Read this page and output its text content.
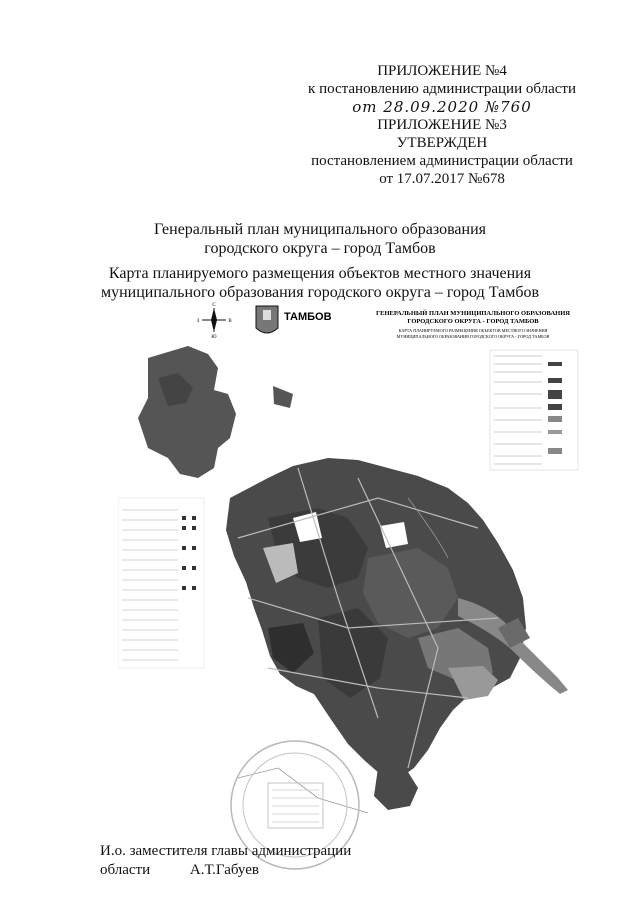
ПРИЛОЖЕНИЕ №4
к постановлению администрации области
от 28.09.2020 №760
ПРИЛОЖЕНИЕ №3
УТВЕРЖДЕН
постановлением администрации области
от 17.07.2017 №678
Генеральный план муниципального образования
городского округа – город Тамбов
Карта планируемого размещения объектов местного значения
муниципального образования городского округа – город Тамбов
С
Ю
З	В	ТАМБОВ	ГЕНЕРАЛЬНЫЙ ПЛАН МУНИЦИПАЛЬНОГО ОБРАЗОВАНИЯ
ГОРОДСКОГО ОКРУГА - ГОРОД ТАМБОВ
КАРТА ПЛАНИРУЕМОГО РАЗМЕЩЕНИЯ ОБЪЕКТОВ МЕСТНОГО ЗНАЧЕНИЯ
МУНИЦИПАЛЬНОГО ОБРАЗОВАНИЯ ГОРОДСКОГО ОКРУГА - ГОРОД ТАМБОВ
И.о. заместителя главы администрации
области	А.Т.Габуев
